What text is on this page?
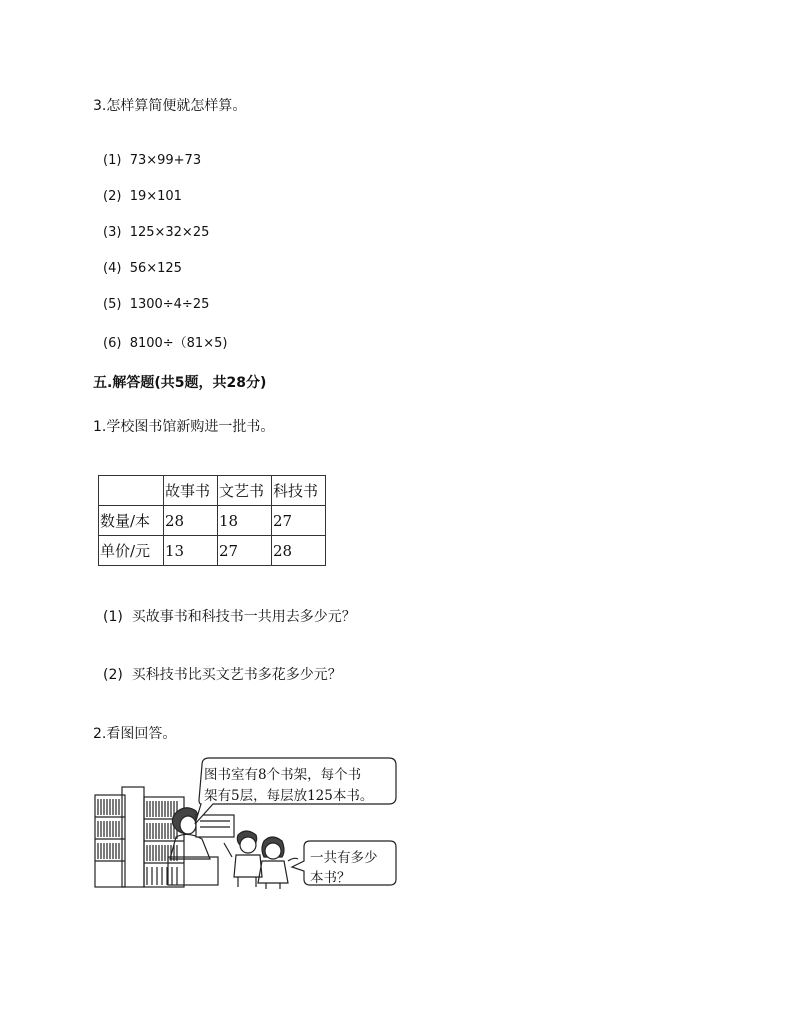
3.怎样算简便就怎样算。
(1) 73×99+73
(2) 19×101
(3) 125×32×25
(4) 56×125
(5) 1300÷4÷25
(6) 8100÷（81×5)
五.解答题(共5题，共28分)
1.学校图书馆新购进一批书。
	故事书	文艺书	科技书
数量/本	28	18	27
单价/元	13	27	28
(1) 买故事书和科技书一共用去多少元？
(2) 买科技书比买文艺书多花多少元？
2.看图回答。
图书室有8个书架，每个书
架有5层，每层放125本书。
一共有多少
本书？
